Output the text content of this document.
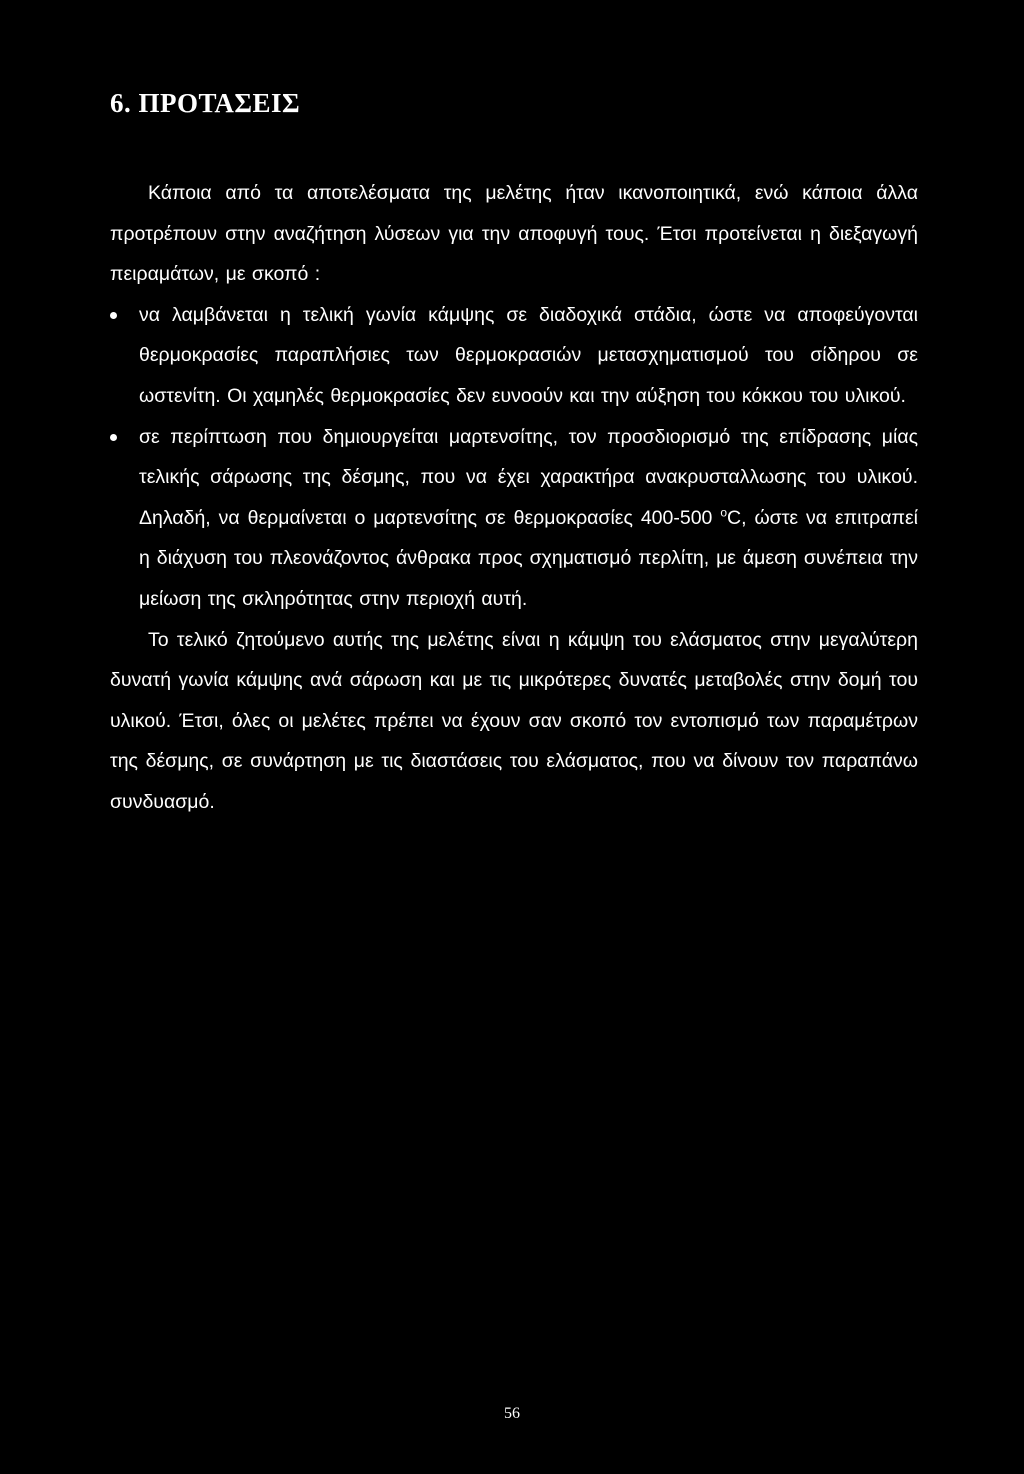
6. ΠΡΟΤΑΣΕΙΣ

Κάποια από τα αποτελέσματα της μελέτης ήταν ικανοποιητικά, ενώ κάποια άλλα προτρέπουν στην αναζήτηση λύσεων για την αποφυγή τους. Έτσι προτείνεται η διεξαγωγή πειραμάτων, με σκοπό :

να λαμβάνεται η τελική γωνία κάμψης σε διαδοχικά στάδια, ώστε να αποφεύγονται θερμοκρασίες παραπλήσιες των θερμοκρασιών μετασχηματισμού του σίδηρου σε ωστενίτη. Οι χαμηλές θερμοκρασίες δεν ευνοούν και την αύξηση του κόκκου του υλικού.
σε περίπτωση που δημιουργείται μαρτενσίτης, τον προσδιορισμό της επίδρασης μίας τελικής σάρωσης της δέσμης, που να έχει χαρακτήρα ανακρυσταλλωσης του υλικού. Δηλαδή, να θερμαίνεται ο μαρτενσίτης σε θερμοκρασίες 400-500 $^o$C, ώστε να επιτραπεί η διάχυση του πλεονάζοντος άνθρακα προς σχηματισμό περλίτη, με άμεση συνέπεια την μείωση της σκληρότητας στην περιοχή αυτή.

Το τελικό ζητούμενο αυτής της μελέτης είναι η κάμψη του ελάσματος στην μεγαλύτερη δυνατή γωνία κάμψης ανά σάρωση και με τις μικρότερες δυνατές μεταβολές στην δομή του υλικού. Έτσι, όλες οι μελέτες πρέπει να έχουν σαν σκοπό τον εντοπισμό των παραμέτρων της δέσμης, σε συνάρτηση με τις διαστάσεις του ελάσματος, που να δίνουν τον παραπάνω συνδυασμό.

56
